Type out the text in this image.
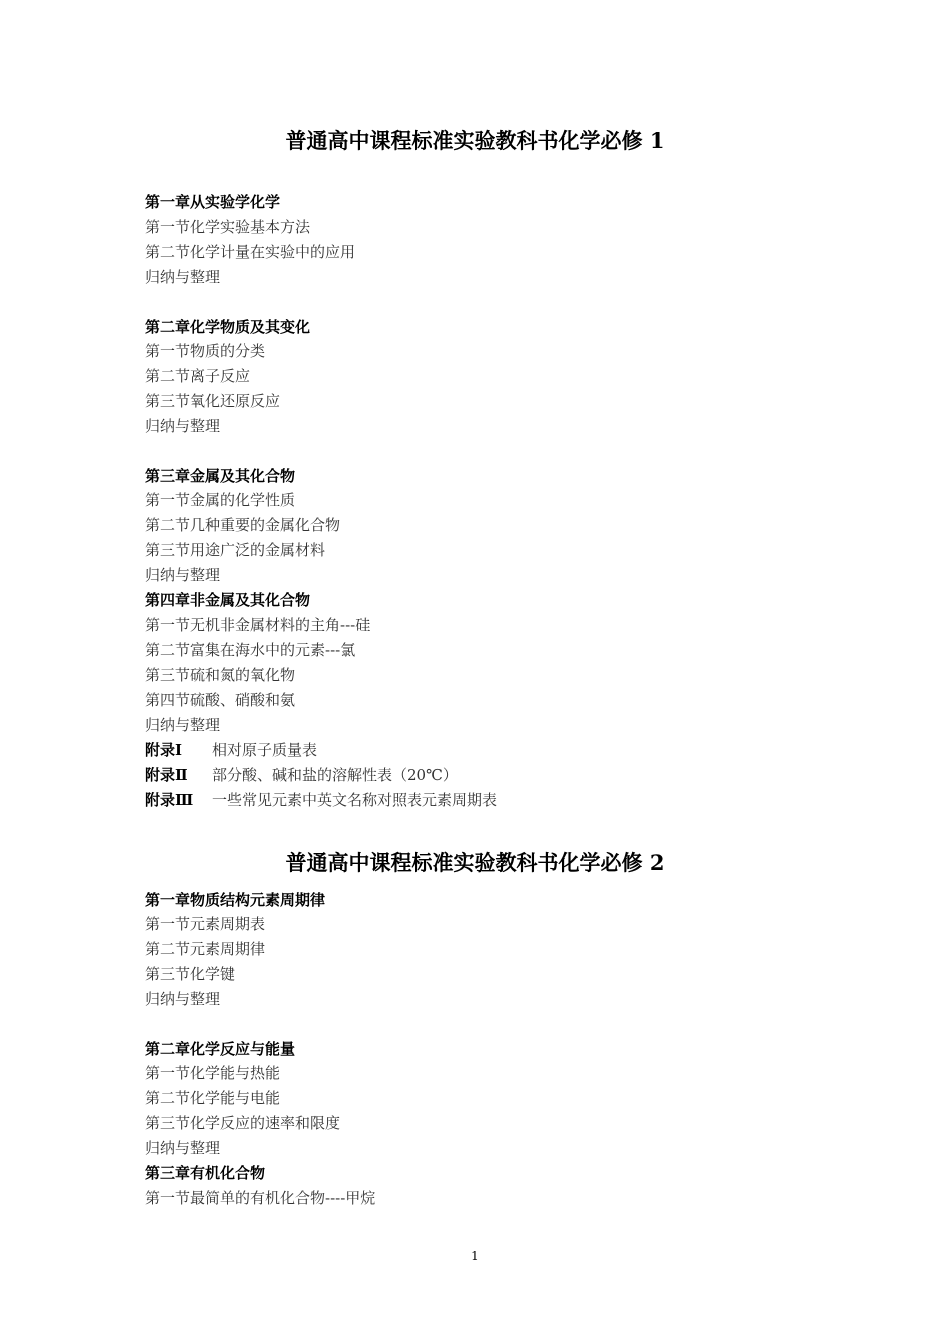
普通高中课程标准实验教科书化学必修 1
第一章从实验学化学
第一节化学实验基本方法
第二节化学计量在实验中的应用
归纳与整理
第二章化学物质及其变化
第一节物质的分类
第二节离子反应
第三节氧化还原反应
归纳与整理
第三章金属及其化合物
第一节金属的化学性质
第二节几种重要的金属化合物
第三节用途广泛的金属材料
归纳与整理
第四章非金属及其化合物
第一节无机非金属材料的主角---硅
第二节富集在海水中的元素---氯
第三节硫和氮的氧化物
第四节硫酸、硝酸和氨
归纳与整理
附录Ⅰ 相对原子质量表
附录Ⅱ 部分酸、碱和盐的溶解性表（20℃）
附录Ⅲ 一些常见元素中英文名称对照表元素周期表
普通高中课程标准实验教科书化学必修 2
第一章物质结构元素周期律
第一节元素周期表
第二节元素周期律
第三节化学键
归纳与整理
第二章化学反应与能量
第一节化学能与热能
第二节化学能与电能
第三节化学反应的速率和限度
归纳与整理
第三章有机化合物
第一节最简单的有机化合物----甲烷
1
